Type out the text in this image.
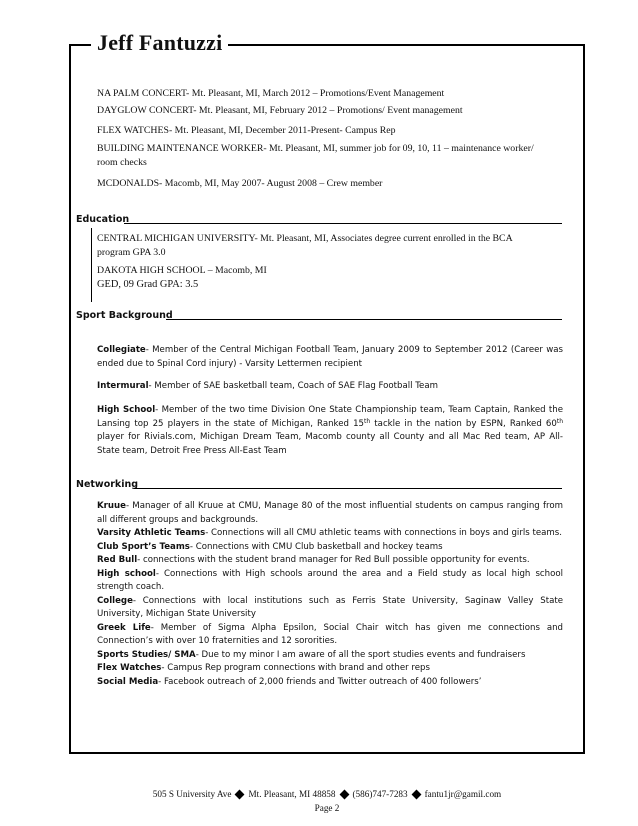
Jeff Fantuzzi
NA PALM CONCERT- Mt. Pleasant, MI, March 2012 – Promotions/Event Management
DAYGLOW CONCERT- Mt. Pleasant, MI, February 2012 – Promotions/ Event management
FLEX WATCHES- Mt. Pleasant, MI, December 2011-Present- Campus Rep
BUILDING MAINTENANCE WORKER- Mt. Pleasant, MI, summer job for 09, 10, 11 – maintenance worker/ room checks
MCDONALDS- Macomb, MI, May 2007- August 2008 – Crew member
Education
CENTRAL MICHIGAN UNIVERSITY- Mt. Pleasant, MI, Associates degree current enrolled in the BCA program GPA 3.0
DAKOTA HIGH SCHOOL – Macomb, MI
GED, 09 Grad GPA: 3.5
Sport Background
Collegiate- Member of the Central Michigan Football Team, January 2009 to September 2012 (Career was ended due to Spinal Cord injury) - Varsity Lettermen recipient
Intermural- Member of SAE basketball team, Coach of SAE Flag Football Team
High School- Member of the two time Division One State Championship team, Team Captain, Ranked the Lansing top 25 players in the state of Michigan, Ranked 15th tackle in the nation by ESPN, Ranked 60th player for Rivials.com, Michigan Dream Team, Macomb county all County and all Mac Red team, AP All-State team, Detroit Free Press All-East Team
Networking
Kruue- Manager of all Kruue at CMU, Manage 80 of the most influential students on campus ranging from all different groups and backgrounds.
Varsity Athletic Teams- Connections will all CMU athletic teams with connections in boys and girls teams.
Club Sport’s Teams- Connections with CMU Club basketball and hockey teams
Red Bull- connections with the student brand manager for Red Bull possible opportunity for events.
High school- Connections with High schools around the area and a Field study as local high school strength coach.
College- Connections with local institutions such as Ferris State University, Saginaw Valley State University, Michigan State University
Greek Life- Member of Sigma Alpha Epsilon, Social Chair witch has given me connections and Connection’s with over 10 fraternities and 12 sororities.
Sports Studies/ SMA- Due to my minor I am aware of all the sport studies events and fundraisers
Flex Watches- Campus Rep program connections with brand and other reps
Social Media- Facebook outreach of 2,000 friends and Twitter outreach of 400 followers’
505 S University Ave Mt. Pleasant, MI 48858 (586)747-7283 fantu1jr@gamil.com
Page 2
